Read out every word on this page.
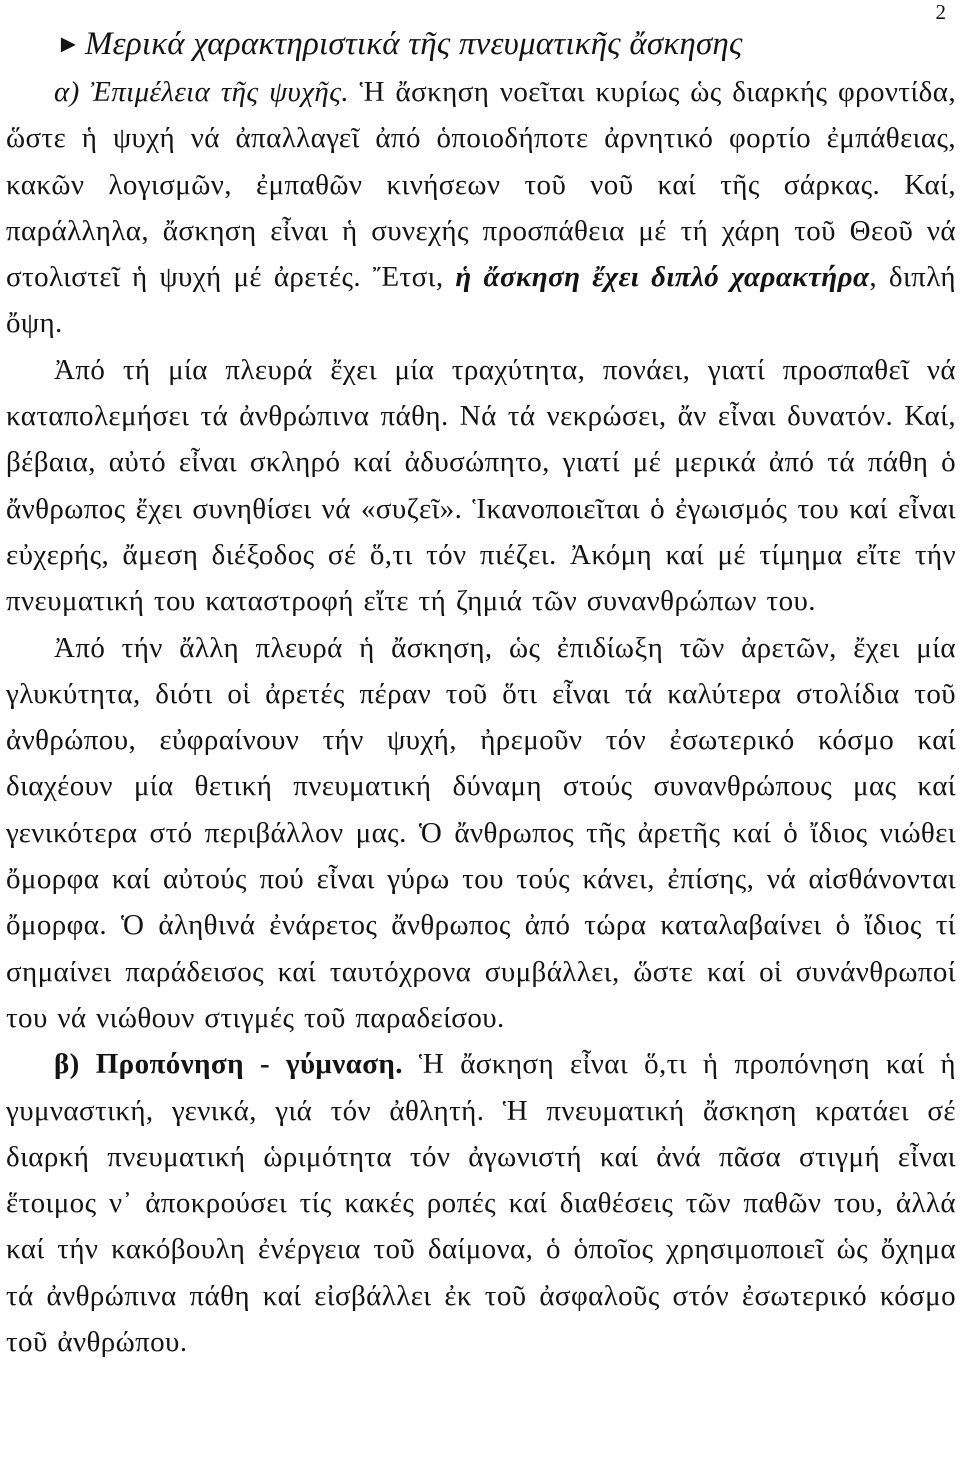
2
► Μερικά χαρακτηριστικά τῆς πνευματικῆς ἄσκησης

α) Ἐπιμέλεια τῆς ψυχῆς. Ἡ ἄσκηση νοεῖται κυρίως ὡς διαρκής φροντίδα, ὥστε ἡ ψυχή νά ἀπαλλαγεῖ ἀπό ὁποιοδήποτε ἀρνητικό φορτίο ἐμπάθειας, κακῶν λογισμῶν, ἐμπαθῶν κινήσεων τοῦ νοῦ καί τῆς σάρκας. Καί, παράλληλα, ἄσκηση εἶναι ἡ συνεχής προσπάθεια μέ τή χάρη τοῦ Θεοῦ νά στολιστεῖ ἡ ψυχή μέ ἀρετές. Ἔτσι, ἡ ἄσκηση ἔχει διπλό χαρακτήρα, διπλή ὄψη.

Ἀπό τή μία πλευρά ἔχει μία τραχύτητα, πονάει, γιατί προσπαθεῖ νά καταπολεμήσει τά ἀνθρώπινα πάθη. Νά τά νεκρώσει, ἄν εἶναι δυνατόν. Καί, βέβαια, αὐτό εἶναι σκληρό καί ἀδυσώπητο, γιατί μέ μερικά ἀπό τά πάθη ὁ ἄνθρωπος ἔχει συνηθίσει νά «συζεῖ». Ἱκανοποιεῖται ὁ ἐγωισμός του καί εἶναι εὐχερής, ἄμεση διέξοδος σέ ὅ,τι τόν πιέζει. Ἀκόμη καί μέ τίμημα εἴτε τήν πνευματική του καταστροφή εἴτε τή ζημιά τῶν συνανθρώπων του.

Ἀπό τήν ἄλλη πλευρά ἡ ἄσκηση, ὡς ἐπιδίωξη τῶν ἀρετῶν, ἔχει μία γλυκύτητα, διότι οἱ ἀρετές πέραν τοῦ ὅτι εἶναι τά καλύτερα στολίδια τοῦ ἀνθρώπου, εὐφραίνουν τήν ψυχή, ἠρεμοῦν τόν ἐσωτερικό κόσμο καί διαχέουν μία θετική πνευματική δύναμη στούς συνανθρώπους μας καί γενικότερα στό περιβάλλον μας. Ὁ ἄνθρωπος τῆς ἀρετῆς καί ὁ ἴδιος νιώθει ὄμορφα καί αὐτούς πού εἶναι γύρω του τούς κάνει, ἐπίσης, νά αἰσθάνονται ὄμορφα. Ὁ ἀληθινά ἐνάρετος ἄνθρωπος ἀπό τώρα καταλαβαίνει ὁ ἴδιος τί σημαίνει παράδεισος καί ταυτόχρονα συμβάλλει, ὥστε καί οἱ συνάνθρωποί του νά νιώθουν στιγμές τοῦ παραδείσου.

β) Προπόνηση - γύμναση. Ἡ ἄσκηση εἶναι ὅ,τι ἡ προπόνηση καί ἡ γυμναστική, γενικά, γιά τόν ἀθλητή. Ἡ πνευματική ἄσκηση κρατάει σέ διαρκή πνευματική ὡριμότητα τόν ἀγωνιστή καί ἀνά πᾶσα στιγμή εἶναι ἕτοιμος ν᾽ ἀποκρούσει τίς κακές ροπές καί διαθέσεις τῶν παθῶν του, ἀλλά καί τήν κακόβουλη ἐνέργεια τοῦ δαίμονα, ὁ ὁποῖος χρησιμοποιεῖ ὡς ὄχημα τά ἀνθρώπινα πάθη καί εἰσβάλλει ἐκ τοῦ ἀσφαλοῦς στόν ἐσωτερικό κόσμο τοῦ ἀνθρώπου.
